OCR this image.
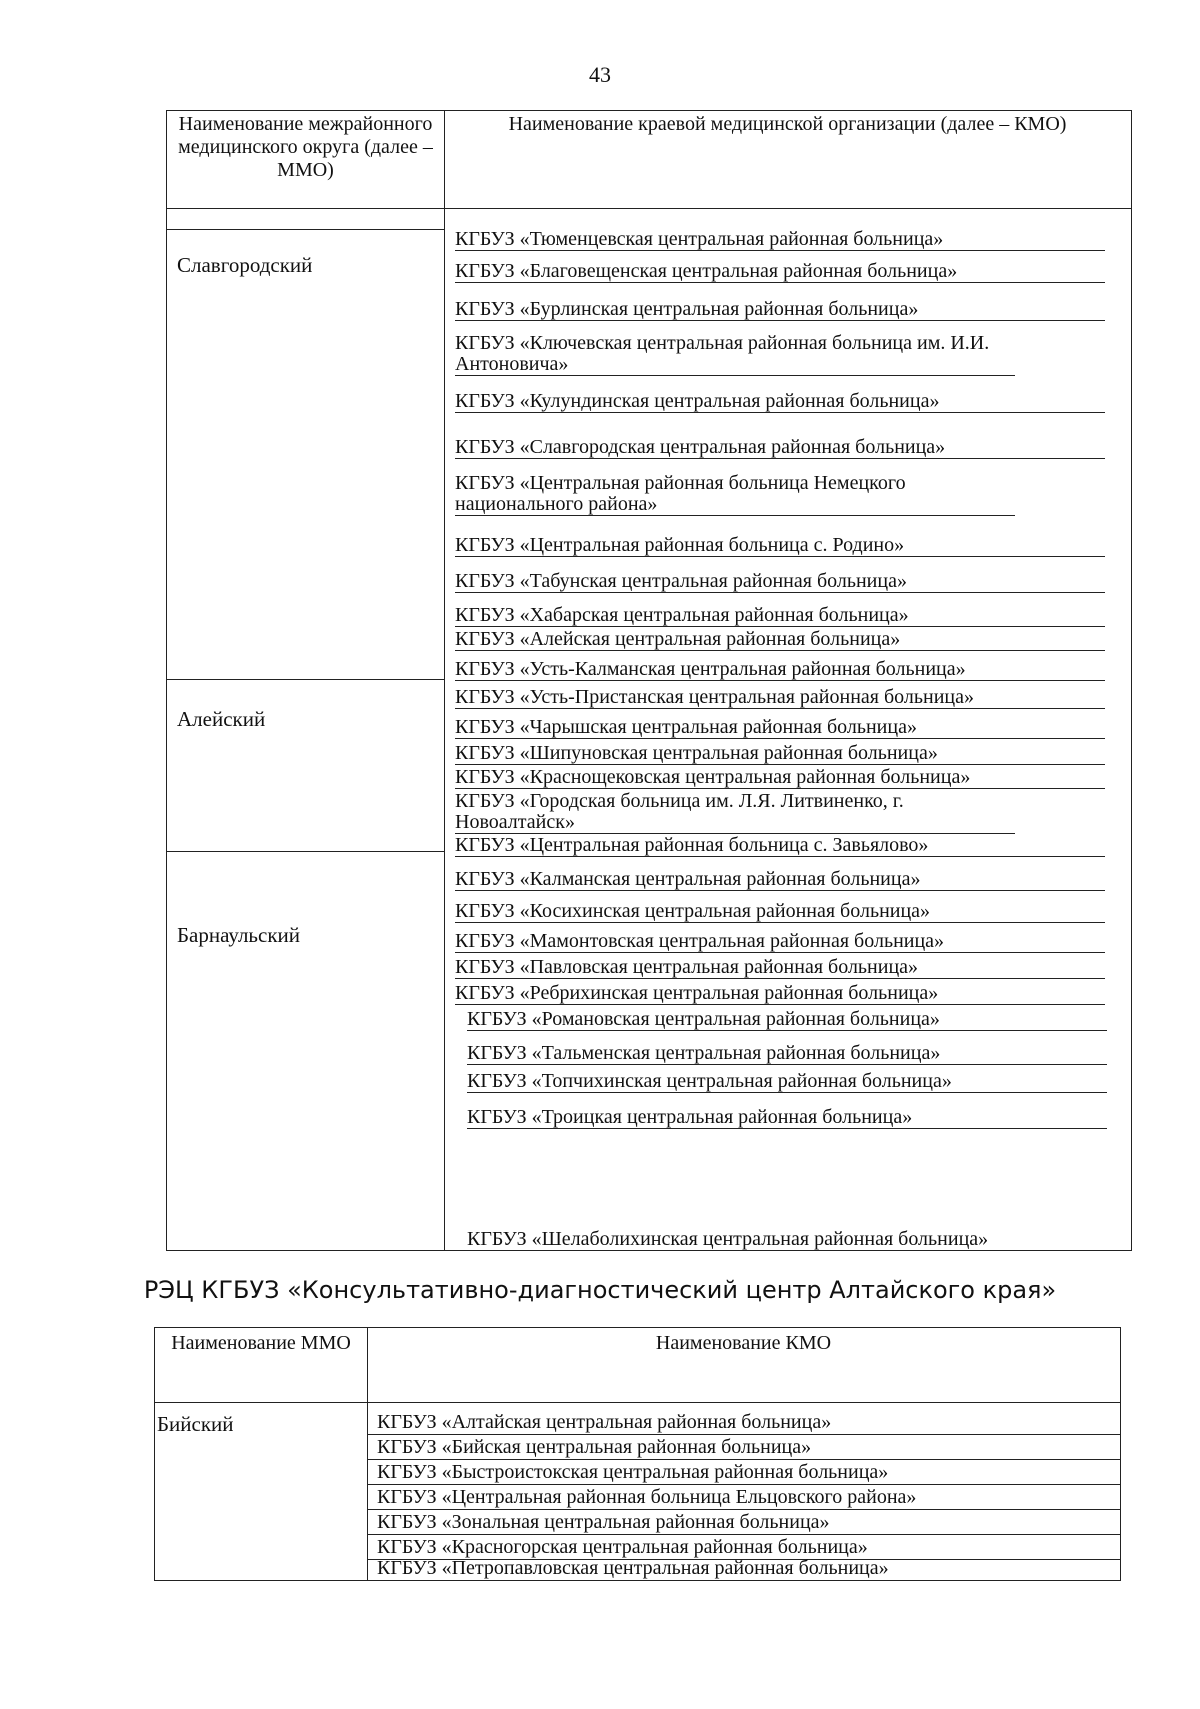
43
Наименование межрайонного медицинского округа (далее – ММО)
Наименование краевой медицинской организации (далее – КМО)
Славгородский
Алейский
Барнаульский
КГБУЗ «Тюменцевская центральная районная больница»
КГБУЗ «Благовещенская центральная районная больница»
КГБУЗ «Бурлинская центральная районная больница»
КГБУЗ «Ключевская центральная районная больница им. И.И. Антоновича»
КГБУЗ «Кулундинская центральная районная больница»
КГБУЗ «Славгородская центральная районная больница»
КГБУЗ «Центральная районная больница Немецкого национального района»
КГБУЗ «Центральная районная больница с. Родино»
КГБУЗ «Табунская центральная районная больница»
КГБУЗ «Хабарская центральная районная больница»
КГБУЗ «Алейская центральная районная больница»
КГБУЗ «Усть-Калманская центральная районная больница»
КГБУЗ «Усть-Пристанская центральная районная больница»
КГБУЗ «Чарышская центральная районная больница»
КГБУЗ «Шипуновская центральная районная больница»
КГБУЗ «Краснощековская центральная районная больница»
КГБУЗ «Городская больница им. Л.Я. Литвиненко, г. Новоалтайск»
КГБУЗ «Центральная районная больница с. Завьялово»
КГБУЗ «Калманская центральная районная больница»
КГБУЗ «Косихинская центральная районная больница»
КГБУЗ «Мамонтовская центральная районная больница»
КГБУЗ «Павловская центральная районная больница»
КГБУЗ «Ребрихинская центральная районная больница»
КГБУЗ «Романовская центральная районная больница»
КГБУЗ «Тальменская центральная районная больница»
КГБУЗ «Топчихинская центральная районная больница»
КГБУЗ «Троицкая центральная районная больница»
КГБУЗ «Шелаболихинская центральная районная больница»
РЭЦ КГБУЗ «Консультативно-диагностический центр Алтайского края»
Наименование ММО	Наименование КМО
Бийский	КГБУЗ «Алтайская центральная районная больница»
КГБУЗ «Бийская центральная районная больница»
КГБУЗ «Быстроистокская центральная районная больница»
КГБУЗ «Центральная районная больница Ельцовского района»
КГБУЗ «Зональная центральная районная больница»
КГБУЗ «Красногорская центральная районная больница»
КГБУЗ «Петропавловская центральная районная больница»
